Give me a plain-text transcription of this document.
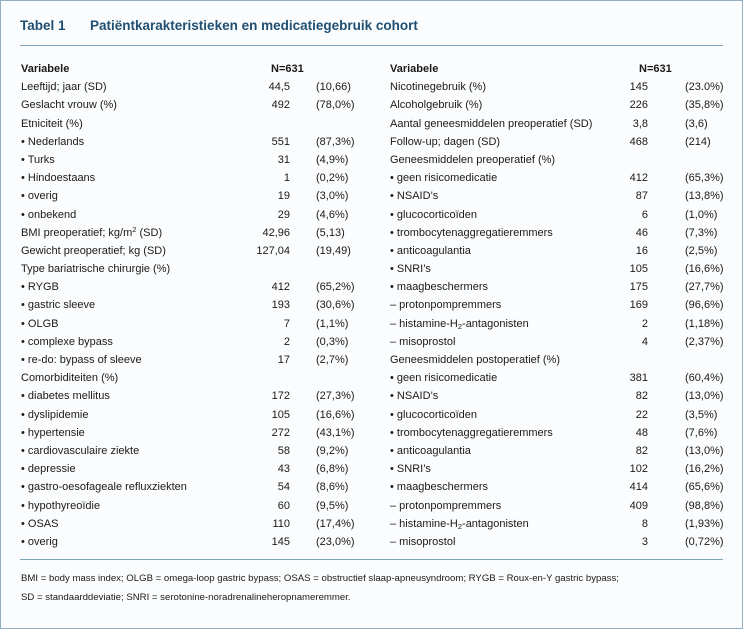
Tabel 1 Patiëntkarakteristieken en medicatiegebruik cohort
Variabele	N=631
Leeftijd; jaar (SD)	44,5 (10,66)
Geslacht vrouw (%)	492 (78,0%)
Etniciteit (%)
• Nederlands	551 (87,3%)
• Turks	31 (4,9%)
• Hindoestaans	1 (0,2%)
• overig	19 (3,0%)
• onbekend	29 (4,6%)
BMI preoperatief; $kg/m^2$ (SD)	42,96 (5,13)
Gewicht preoperatief; kg (SD)	127,04 (19,49)
Type bariatrische chirurgie (%)
• RYGB	412 (65,2%)
• gastric sleeve	193 (30,6%)
• OLGB	7 (1,1%)
• complexe bypass	2 (0,3%)
• re-do: bypass of sleeve	17 (2,7%)
Comorbiditeiten (%)
• diabetes mellitus	172 (27,3%)
• dyslipidemie	105 (16,6%)
• hypertensie	272 (43,1%)
• cardiovasculaire ziekte	58 (9,2%)
• depressie	43 (6,8%)
• gastro-oesofageale refluxziekten	54 (8,6%)
• hypothyreoïdie	60 (9,5%)
• OSAS	110 (17,4%)
• overig	145 (23,0%)
Variabele	N=631
Nicotinegebruik (%)	145	(23.0%)
Alcoholgebruik (%)	226	(35,8%)
Aantal geneesmiddelen preoperatief (SD)	3,8	(3,6)
Follow-up; dagen (SD)	468	(214)
Geneesmiddelen preoperatief (%)
• geen risicomedicatie	412	(65,3%)
• NSAID’s	87	(13,8%)
• glucocorticoïden	6	(1,0%)
• trombocytenaggregatieremmers	46	(7,3%)
• anticoagulantia	16	(2,5%)
• SNRI’s	105	(16,6%)
• maagbeschermers	175	(27,7%)
– protonpompremmers	169	(96,6%)
– histamine-$H_2$-antagonisten	2	(1,18%)
– misoprostol	4	(2,37%)
Geneesmiddelen postoperatief (%)
• geen risicomedicatie	381	(60,4%)
• NSAID’s	82	(13,0%)
• glucocorticoïden	22	(3,5%)
• trombocytenaggregatieremmers	48	(7,6%)
• anticoagulantia	82	(13,0%)
• SNRI’s	102	(16,2%)
• maagbeschermers	414	(65,6%)
– protonpompremmers	409	(98,8%)
– histamine-$H_2$-antagonisten	8	(1,93%)
– misoprostol	3	(0,72%)
BMI = body mass index; OLGB = omega-loop gastric bypass; OSAS = obstructief slaap-apneusyndroom; RYGB = Roux-en-Y gastric bypass;
SD = standaarddeviatie; SNRI = serotonine-noradrenalineheropnameremmer.
